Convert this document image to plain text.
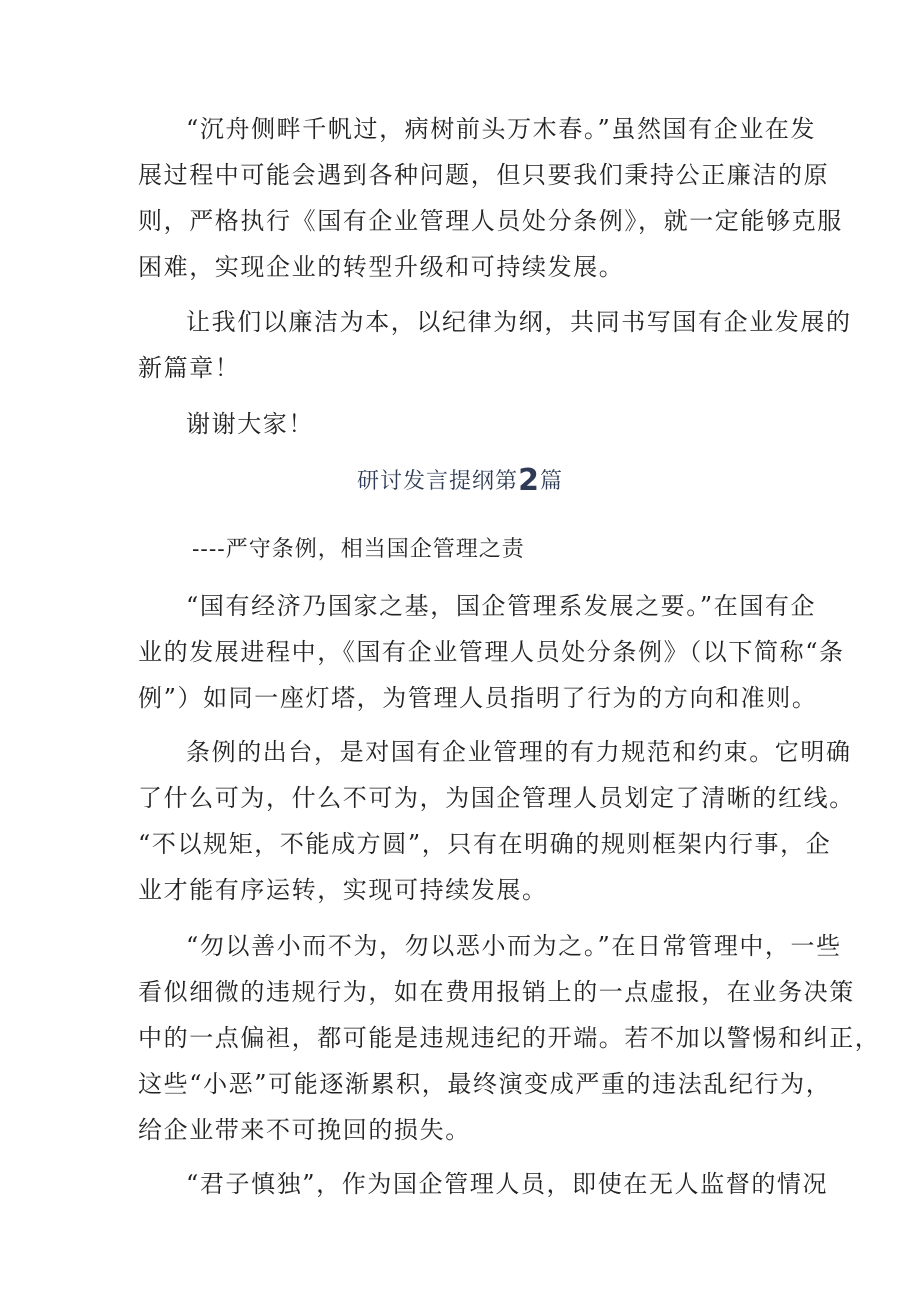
“沉舟侧畔千帆过，病树前头万木春。”虽然国有企业在发
展过程中可能会遇到各种问题，但只要我们秉持公正廉洁的原
则，严格执行《国有企业管理人员处分条例》，就一定能够克服
困难，实现企业的转型升级和可持续发展。
让我们以廉洁为本，以纪律为纲，共同书写国有企业发展的
新篇章！
谢谢大家！
研讨发言提纲第2篇
----严守条例，相当国企管理之责
“国有经济乃国家之基，国企管理系发展之要。”在国有企
业的发展进程中，《国有企业管理人员处分条例》（以下简称“条
例”）如同一座灯塔，为管理人员指明了行为的方向和准则。
条例的出台，是对国有企业管理的有力规范和约束。它明确
了什么可为，什么不可为，为国企管理人员划定了清晰的红线。
“不以规矩，不能成方圆”，只有在明确的规则框架内行事，企
业才能有序运转，实现可持续发展。
“勿以善小而不为，勿以恶小而为之。”在日常管理中，一些
看似细微的违规行为，如在费用报销上的一点虚报，在业务决策
中的一点偏袒，都可能是违规违纪的开端。若不加以警惕和纠正，
这些“小恶”可能逐渐累积，最终演变成严重的违法乱纪行为，
给企业带来不可挽回的损失。
“君子慎独”，作为国企管理人员，即使在无人监督的情况
